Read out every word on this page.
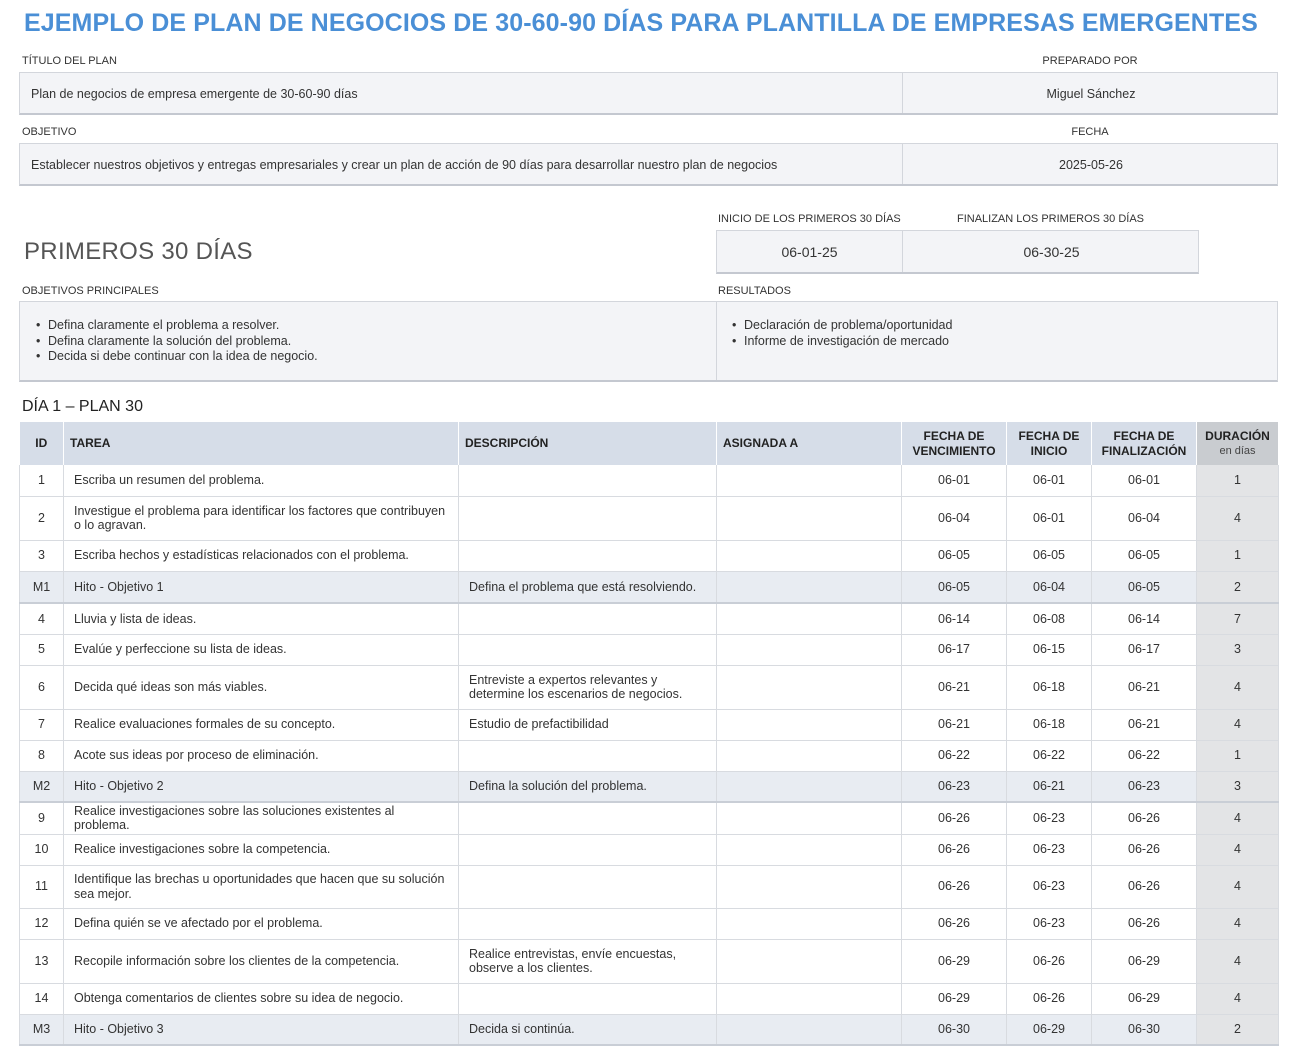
EJEMPLO DE PLAN DE NEGOCIOS DE 30-60-90 DÍAS PARA PLANTILLA DE EMPRESAS EMERGENTES
TÍTULO DEL PLAN	PREPARADO POR
Plan de negocios de empresa emergente de 30-60-90 días	Miguel Sánchez
OBJETIVO	FECHA
Establecer nuestros objetivos y entregas empresariales y crear un plan de acción de 90 días para desarrollar nuestro plan de negocios	2025-05-26
PRIMEROS 30 DÍAS
INICIO DE LOS PRIMEROS 30 DÍAS	FINALIZAN LOS PRIMEROS 30 DÍAS
06-01-25	06-30-25
OBJETIVOS PRINCIPALES	RESULTADOS
• Defina claramente el problema a resolver.
• Defina claramente la solución del problema.
• Decida si debe continuar con la idea de negocio.
• Declaración de problema/oportunidad
• Informe de investigación de mercado
DÍA 1 – PLAN 30
ID	TAREA	DESCRIPCIÓN	ASIGNADA A	FECHA DE VENCIMIENTO	FECHA DE INICIO	FECHA DE FINALIZACIÓN	DURACIÓN
en días

1	Escriba un resumen del problema.			06-01	06-01	06-01	1
2	Investigue el problema para identificar los factores que contribuyen o lo agravan.			06-04	06-01	06-04	4
3	Escriba hechos y estadísticas relacionados con el problema.			06-05	06-05	06-05	1
M1	Hito - Objetivo 1	Defina el problema que está resolviendo.		06-05	06-04	06-05	2
4	Lluvia y lista de ideas.			06-14	06-08	06-14	7
5	Evalúe y perfeccione su lista de ideas.			06-17	06-15	06-17	3
6	Decida qué ideas son más viables.	Entreviste a expertos relevantes y determine los escenarios de negocios.		06-21	06-18	06-21	4
7	Realice evaluaciones formales de su concepto.	Estudio de prefactibilidad		06-21	06-18	06-21	4
8	Acote sus ideas por proceso de eliminación.			06-22	06-22	06-22	1
M2	Hito - Objetivo 2	Defina la solución del problema.		06-23	06-21	06-23	3
9	Realice investigaciones sobre las soluciones existentes al problema.			06-26	06-23	06-26	4
10	Realice investigaciones sobre la competencia.			06-26	06-23	06-26	4
11	Identifique las brechas u oportunidades que hacen que su solución sea mejor.			06-26	06-23	06-26	4
12	Defina quién se ve afectado por el problema.			06-26	06-23	06-26	4
13	Recopile información sobre los clientes de la competencia.	Realice entrevistas, envíe encuestas, observe a los clientes.		06-29	06-26	06-29	4
14	Obtenga comentarios de clientes sobre su idea de negocio.			06-29	06-26	06-29	4
M3	Hito - Objetivo 3	Decida si continúa.		06-30	06-29	06-30	2
